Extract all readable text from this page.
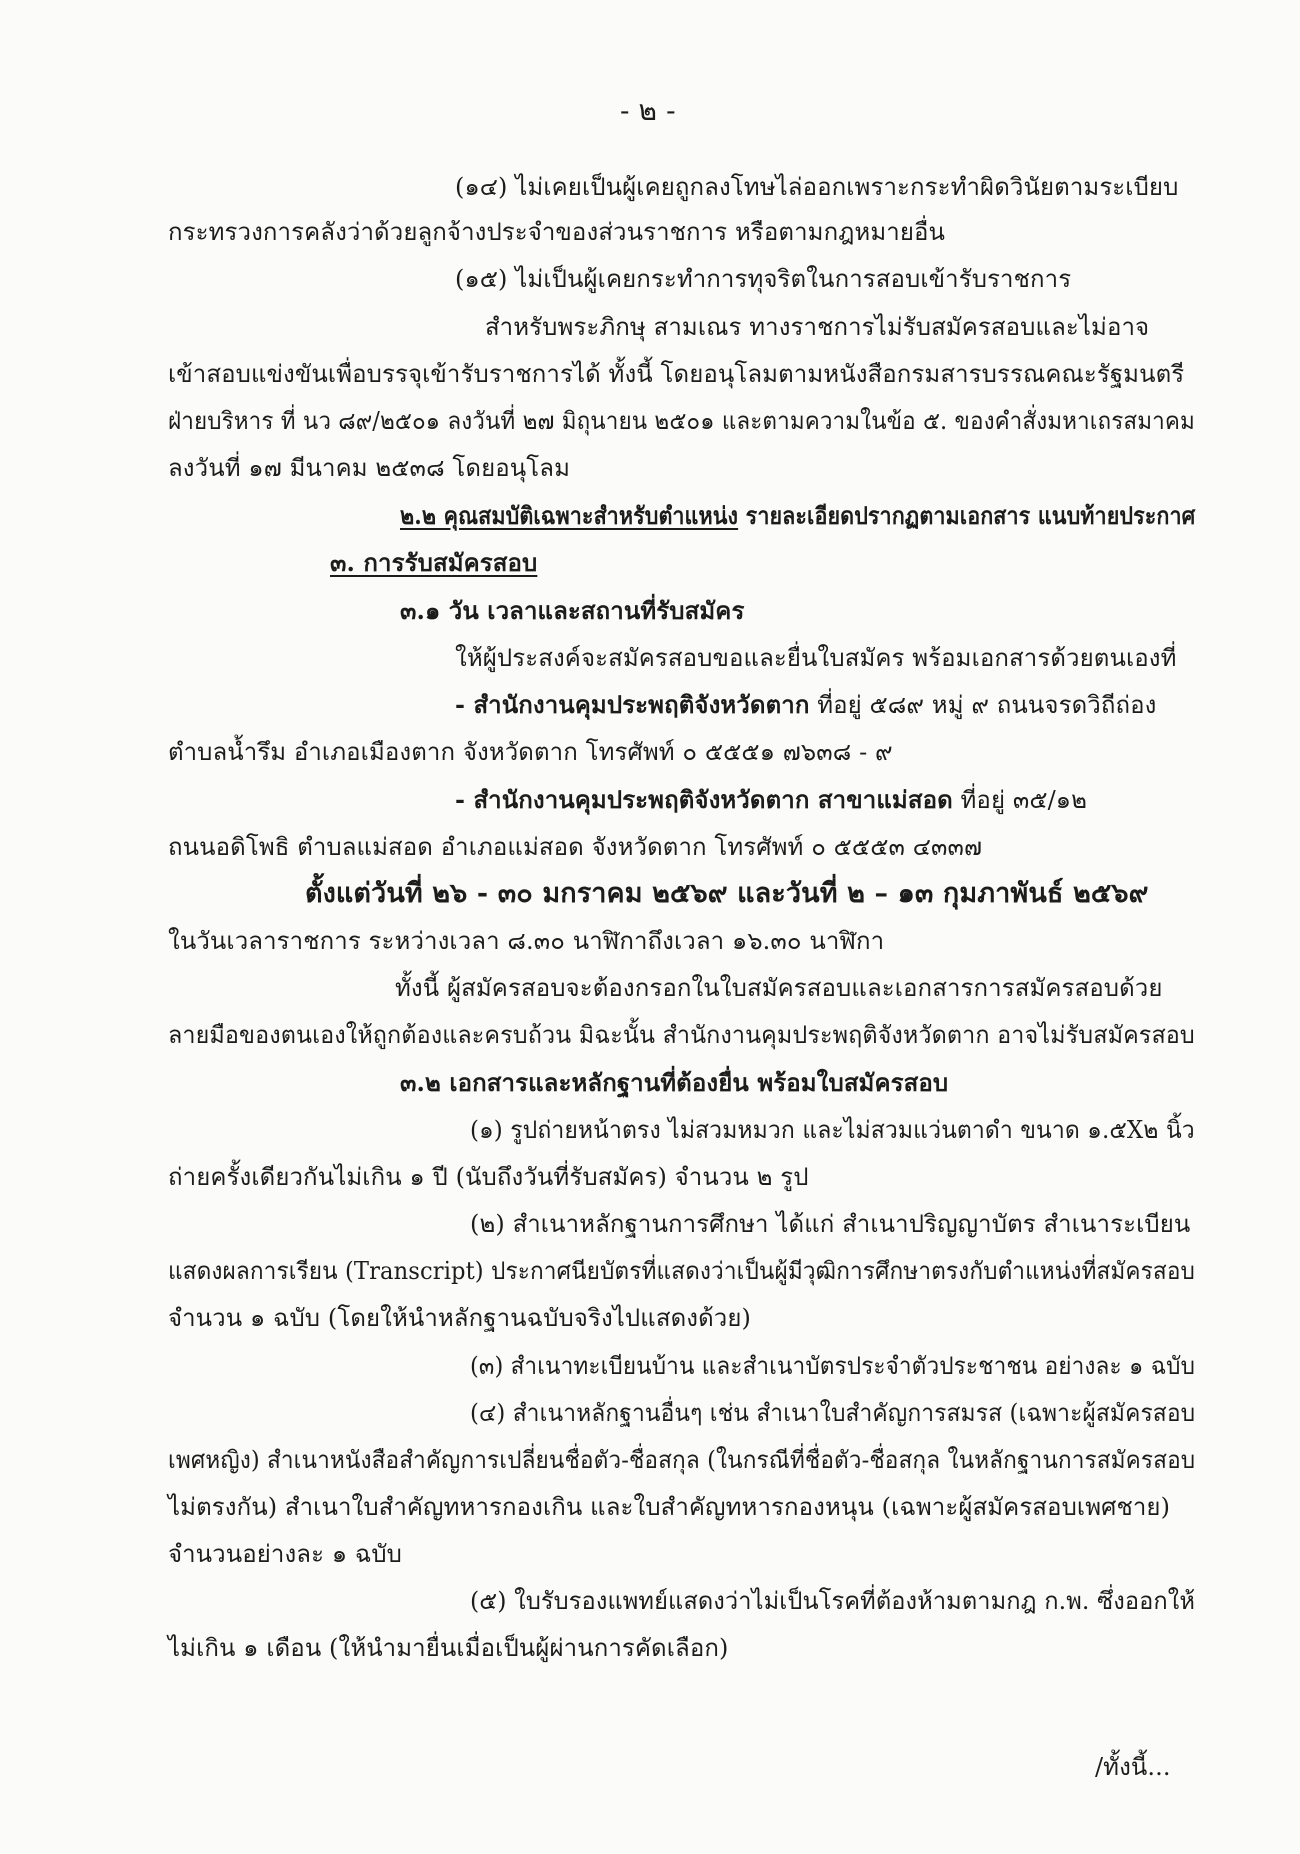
- ๒ -
(๑๔) ไม่เคยเป็นผู้เคยถูกลงโทษไล่ออกเพราะกระทำผิดวินัยตามระเบียบ
กระทรวงการคลังว่าด้วยลูกจ้างประจำของส่วนราชการ หรือตามกฎหมายอื่น
(๑๕) ไม่เป็นผู้เคยกระทำการทุจริตในการสอบเข้ารับราชการ
สำหรับพระภิกษุ สามเณร ทางราชการไม่รับสมัครสอบและไม่อาจ
เข้าสอบแข่งขันเพื่อบรรจุเข้ารับราชการได้ ทั้งนี้ โดยอนุโลมตามหนังสือกรมสารบรรณคณะรัฐมนตรี
ฝ่ายบริหาร ที่ นว ๘๙/๒๕๐๑ ลงวันที่ ๒๗ มิถุนายน ๒๕๐๑ และตามความในข้อ ๕. ของคำสั่งมหาเถรสมาคม
ลงวันที่ ๑๗ มีนาคม ๒๕๓๘ โดยอนุโลม
๒.๒ คุณสมบัติเฉพาะสำหรับตำแหน่ง รายละเอียดปรากฏตามเอกสาร แนบท้ายประกาศ
๓. การรับสมัครสอบ
๓.๑ วัน เวลาและสถานที่รับสมัคร
ให้ผู้ประสงค์จะสมัครสอบขอและยื่นใบสมัคร พร้อมเอกสารด้วยตนเองที่
- สำนักงานคุมประพฤติจังหวัดตาก ที่อยู่ ๕๘๙ หมู่ ๙ ถนนจรดวิถีถ่อง
ตำบลน้ำรึม อำเภอเมืองตาก จังหวัดตาก โทรศัพท์ ๐ ๕๕๕๑ ๗๖๓๘ - ๙
- สำนักงานคุมประพฤติจังหวัดตาก สาขาแม่สอด ที่อยู่ ๓๕/๑๒
ถนนอดิโพธิ ตำบลแม่สอด อำเภอแม่สอด จังหวัดตาก โทรศัพท์ ๐ ๕๕๕๓ ๔๓๓๗
ตั้งแต่วันที่ ๒๖ - ๓๐ มกราคม ๒๕๖๙ และวันที่ ๒ – ๑๓ กุมภาพันธ์ ๒๕๖๙
ในวันเวลาราชการ ระหว่างเวลา ๘.๓๐ นาฬิกาถึงเวลา ๑๖.๓๐ นาฬิกา
ทั้งนี้ ผู้สมัครสอบจะต้องกรอกในใบสมัครสอบและเอกสารการสมัครสอบด้วย
ลายมือของตนเองให้ถูกต้องและครบถ้วน มิฉะนั้น สำนักงานคุมประพฤติจังหวัดตาก อาจไม่รับสมัครสอบ
๓.๒ เอกสารและหลักฐานที่ต้องยื่น พร้อมใบสมัครสอบ
(๑) รูปถ่ายหน้าตรง ไม่สวมหมวก และไม่สวมแว่นตาดำ ขนาด ๑.๕X๒ นิ้ว
ถ่ายครั้งเดียวกันไม่เกิน ๑ ปี (นับถึงวันที่รับสมัคร) จำนวน ๒ รูป
(๒) สำเนาหลักฐานการศึกษา ได้แก่ สำเนาปริญญาบัตร สำเนาระเบียน
แสดงผลการเรียน (Transcript) ประกาศนียบัตรที่แสดงว่าเป็นผู้มีวุฒิการศึกษาตรงกับตำแหน่งที่สมัครสอบ
จำนวน ๑ ฉบับ (โดยให้นำหลักฐานฉบับจริงไปแสดงด้วย)
(๓) สำเนาทะเบียนบ้าน และสำเนาบัตรประจำตัวประชาชน อย่างละ ๑ ฉบับ
(๔) สำเนาหลักฐานอื่นๆ เช่น สำเนาใบสำคัญการสมรส (เฉพาะผู้สมัครสอบ
เพศหญิง) สำเนาหนังสือสำคัญการเปลี่ยนชื่อตัว-ชื่อสกุล (ในกรณีที่ชื่อตัว-ชื่อสกุล ในหลักฐานการสมัครสอบ
ไม่ตรงกัน) สำเนาใบสำคัญทหารกองเกิน และใบสำคัญทหารกองหนุน (เฉพาะผู้สมัครสอบเพศชาย)
จำนวนอย่างละ ๑ ฉบับ
(๕) ใบรับรองแพทย์แสดงว่าไม่เป็นโรคที่ต้องห้ามตามกฎ ก.พ. ซึ่งออกให้
ไม่เกิน ๑ เดือน (ให้นำมายื่นเมื่อเป็นผู้ผ่านการคัดเลือก)
/ทั้งนี้...
